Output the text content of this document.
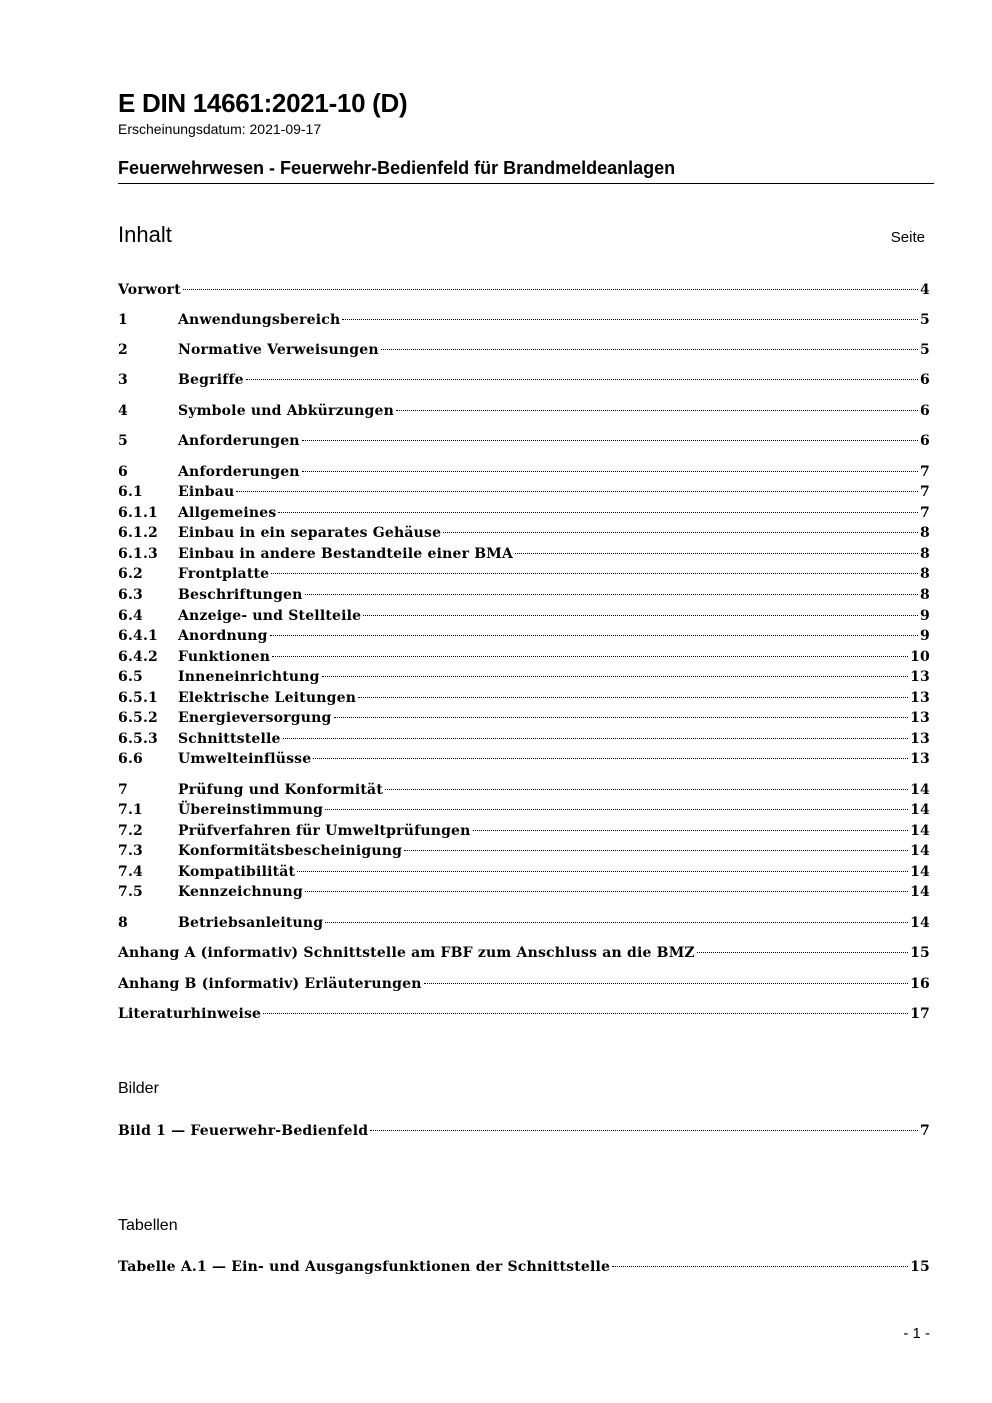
E DIN 14661:2021-10 (D)
Erscheinungsdatum: 2021-09-17
Feuerwehrwesen - Feuerwehr-Bedienfeld für Brandmeldeanlagen
Inhalt	Seite
Vorwort	4
1	Anwendungsbereich	5
2	Normative Verweisungen	5
3	Begriffe	6
4	Symbole und Abkürzungen	6
5	Anforderungen	6
6	Anforderungen	7
6.1	Einbau	7
6.1.1	Allgemeines	7
6.1.2	Einbau in ein separates Gehäuse	8
6.1.3	Einbau in andere Bestandteile einer BMA	8
6.2	Frontplatte	8
6.3	Beschriftungen	8
6.4	Anzeige- und Stellteile	9
6.4.1	Anordnung	9
6.4.2	Funktionen	10
6.5	Inneneinrichtung	13
6.5.1	Elektrische Leitungen	13
6.5.2	Energieversorgung	13
6.5.3	Schnittstelle	13
6.6	Umwelteinflüsse	13
7	Prüfung und Konformität	14
7.1	Übereinstimmung	14
7.2	Prüfverfahren für Umweltprüfungen	14
7.3	Konformitätsbescheinigung	14
7.4	Kompatibilität	14
7.5	Kennzeichnung	14
8	Betriebsanleitung	14
Anhang A (informativ) Schnittstelle am FBF zum Anschluss an die BMZ	15
Anhang B (informativ) Erläuterungen	16
Literaturhinweise	17
Bilder
Bild 1 — Feuerwehr-Bedienfeld	7
Tabellen
Tabelle A.1 — Ein- und Ausgangsfunktionen der Schnittstelle	15
- 1 -
